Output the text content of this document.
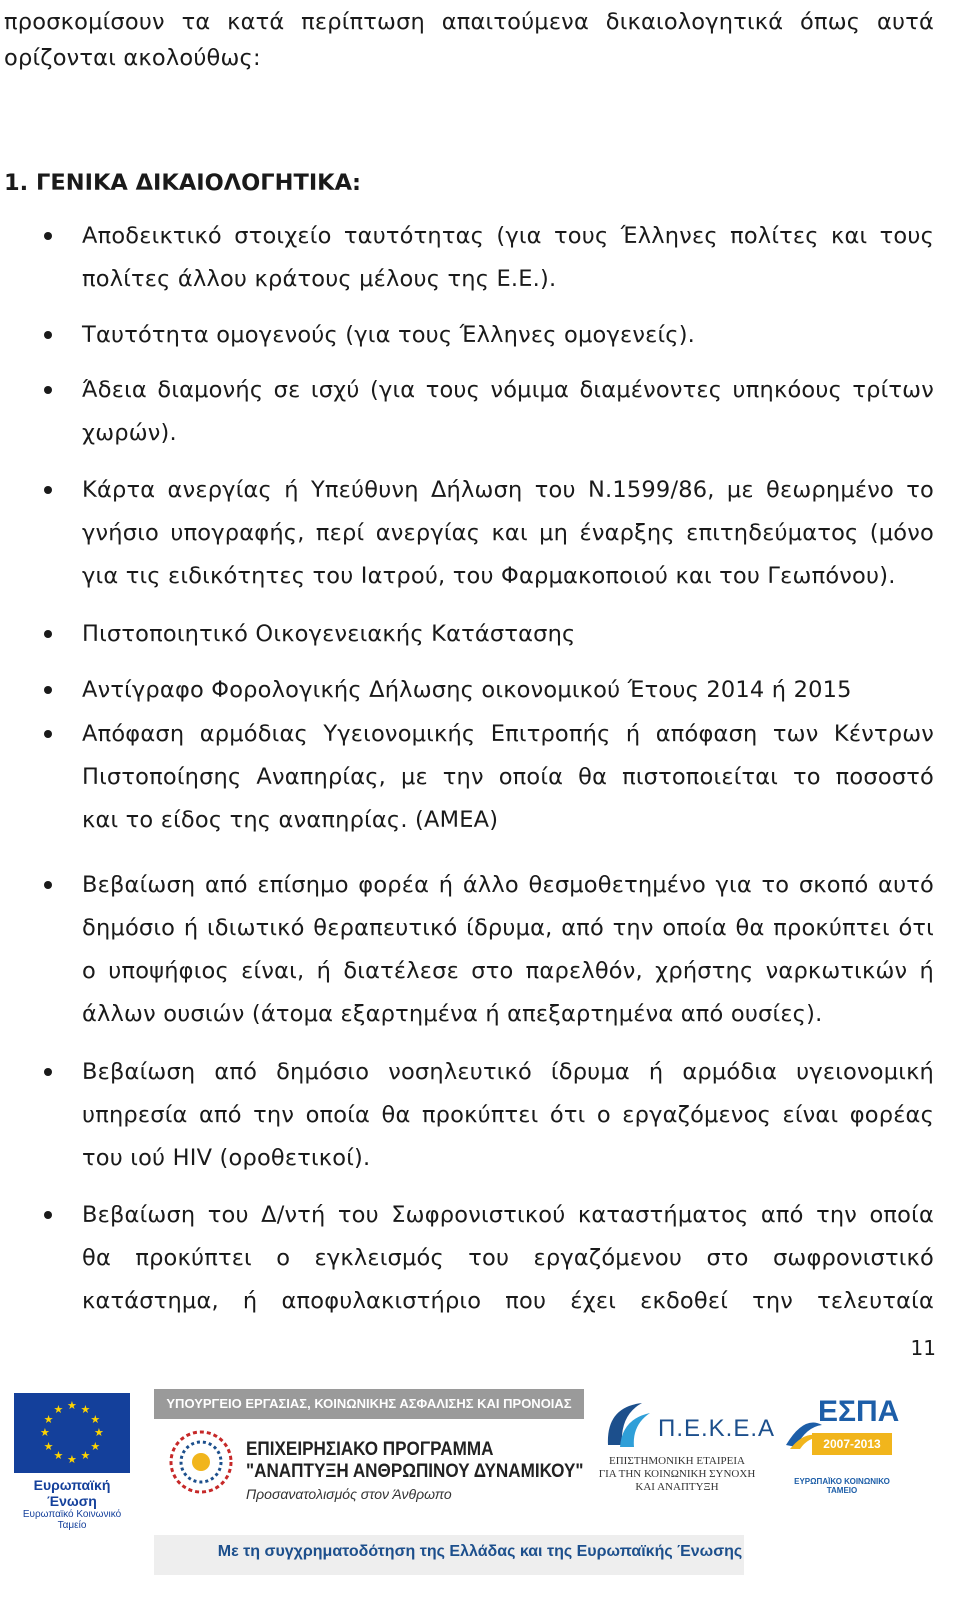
προσκομίσουν τα κατά περίπτωση απαιτούμενα δικαιολογητικά όπως αυτά
ορίζονται ακολούθως:
1. ΓΕΝΙΚΑ ΔΙΚΑΙΟΛΟΓΗΤΙΚΑ:
Αποδεικτικό στοιχείο ταυτότητας (για τους Έλληνες πολίτες και τους
πολίτες άλλου κράτους μέλους της Ε.Ε.).
Ταυτότητα ομογενούς (για τους Έλληνες ομογενείς).
Άδεια διαμονής σε ισχύ (για τους νόμιμα διαμένοντες υπηκόους τρίτων
χωρών).
Κάρτα ανεργίας ή Υπεύθυνη Δήλωση του Ν.1599/86, με θεωρημένο το
γνήσιο υπογραφής, περί ανεργίας και μη έναρξης επιτηδεύματος (μόνο
για τις ειδικότητες του Ιατρού, του Φαρμακοποιού και του Γεωπόνου).
Πιστοποιητικό Οικογενειακής Κατάστασης
Αντίγραφο Φορολογικής Δήλωσης οικονομικού Έτους 2014 ή 2015
Απόφαση αρμόδιας Υγειονομικής Επιτροπής ή απόφαση των Κέντρων
Πιστοποίησης Αναπηρίας, με την οποία θα πιστοποιείται το ποσοστό
και το είδος της αναπηρίας. (ΑΜΕΑ)
Βεβαίωση από επίσημο φορέα ή άλλο θεσμοθετημένο για το σκοπό αυτό
δημόσιο ή ιδιωτικό θεραπευτικό ίδρυμα, από την οποία θα προκύπτει ότι
ο υποψήφιος είναι, ή διατέλεσε στο παρελθόν, χρήστης ναρκωτικών ή
άλλων ουσιών (άτομα εξαρτημένα ή απεξαρτημένα από ουσίες).
Βεβαίωση από δημόσιο νοσηλευτικό ίδρυμα ή αρμόδια υγειονομική
υπηρεσία από την οποία θα προκύπτει ότι ο εργαζόμενος είναι φορέας
του ιού HIV (οροθετικοί).
Βεβαίωση του Δ/ντή του Σωφρονιστικού καταστήματος από την οποία
θα προκύπτει ο εγκλεισμός του εργαζόμενου στο σωφρονιστικό
κατάστημα, ή αποφυλακιστήριο που έχει εκδοθεί την τελευταία
11
★ ★
★
★
★
★
★
★
★
★
★
★
Ευρωπαϊκή Ένωση
Ευρωπαϊκό Κοινωνικό Ταμείο
ΥΠΟΥΡΓΕΙΟ ΕΡΓΑΣΙΑΣ, ΚΟΙΝΩΝΙΚΗΣ ΑΣΦΑΛΙΣΗΣ ΚΑΙ ΠΡΟΝΟΙΑΣ
ΕΠΙΧΕΙΡΗΣΙΑΚΟ ΠΡΟΓΡΑΜΜΑ
"ΑΝΑΠΤΥΞΗ ΑΝΘΡΩΠΙΝΟΥ ΔΥΝΑΜΙΚΟΥ"
Προσανατολισμός στον Άνθρωπο
Π.Ε.Κ.Ε.Α
ΕΠΙΣΤΗΜΟΝΙΚΗ ΕΤΑΙΡΕΙΑ
ΓΙΑ ΤΗΝ ΚΟΙΝΩΝΙΚΗ ΣΥΝΟΧΗ
ΚΑΙ ΑΝΑΠΤΥΞΗ
ΕΣΠΑ
2007-2013
ΕΥΡΩΠΑΪΚΟ ΚΟΙΝΩΝΙΚΟ ΤΑΜΕΙΟ
Με τη συγχρηματοδότηση της Ελλάδας και της Ευρωπαϊκής Ένωσης
